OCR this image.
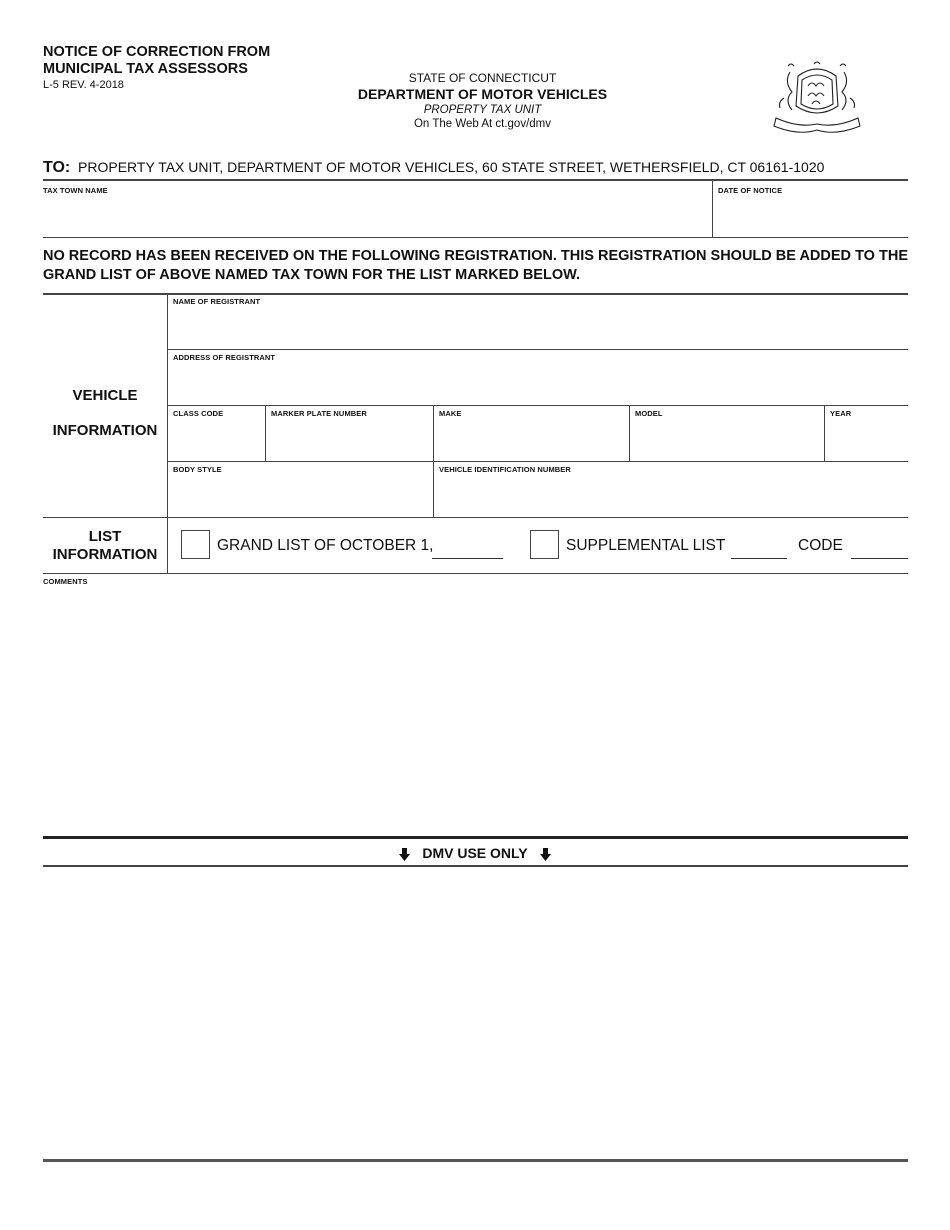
NOTICE OF CORRECTION FROM
MUNICIPAL TAX ASSESSORS
L-5 REV. 4-2018	STATE OF CONNECTICUT
DEPARTMENT OF MOTOR VEHICLES
PROPERTY TAX UNIT
On The Web At ct.gov/dmv
TO: PROPERTY TAX UNIT, DEPARTMENT OF MOTOR VEHICLES, 60 STATE STREET, WETHERSFIELD, CT 06161-1020
TAX TOWN NAME	DATE OF NOTICE
NO RECORD HAS BEEN RECEIVED ON THE FOLLOWING REGISTRATION. THIS REGISTRATION SHOULD BE ADDED TO THE GRAND LIST OF ABOVE NAMED TAX TOWN FOR THE LIST MARKED BELOW.
VEHICLE
INFORMATION
NAME OF REGISTRANT
ADDRESS OF REGISTRANT
CLASS CODE	MARKER PLATE NUMBER	MAKE	MODEL	YEAR
BODY STYLE	VEHICLE IDENTIFICATION NUMBER
LIST
INFORMATION
GRAND LIST OF OCTOBER 1,	SUPPLEMENTAL LIST	CODE
COMMENTS
DMV USE ONLY
